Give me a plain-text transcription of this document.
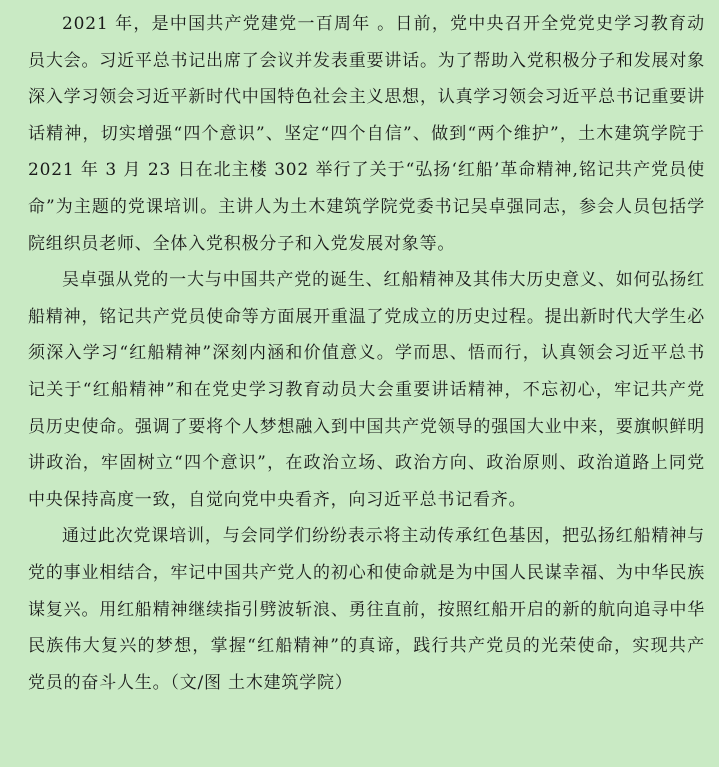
2021 年，是中国共产党建党一百周年 。日前，党中央召开全党党史学习教育动员大会。习近平总书记出席了会议并发表重要讲话。为了帮助入党积极分子和发展对象深入学习领会习近平新时代中国特色社会主义思想，认真学习领会习近平总书记重要讲话精神，切实增强“四个意识”、坚定“四个自信”、做到“两个维护”，土木建筑学院于 2021 年 3 月 23 日在北主楼 302 举行了关于“弘扬‘红船’革命精神,铭记共产党员使命”为主题的党课培训。主讲人为土木建筑学院党委书记吴卓强同志，参会人员包括学院组织员老师、全体入党积极分子和入党发展对象等。

吴卓强从党的一大与中国共产党的诞生、红船精神及其伟大历史意义、如何弘扬红船精神，铭记共产党员使命等方面展开重温了党成立的历史过程。提出新时代大学生必须深入学习“红船精神”深刻内涵和价值意义。学而思、悟而行，认真领会习近平总书记关于“红船精神”和在党史学习教育动员大会重要讲话精神，不忘初心，牢记共产党员历史使命。强调了要将个人梦想融入到中国共产党领导的强国大业中来，要旗帜鲜明讲政治，牢固树立“四个意识”，在政治立场、政治方向、政治原则、政治道路上同党中央保持高度一致，自觉向党中央看齐，向习近平总书记看齐。

通过此次党课培训，与会同学们纷纷表示将主动传承红色基因，把弘扬红船精神与党的事业相结合，牢记中国共产党人的初心和使命就是为中国人民谋幸福、为中华民族谋复兴。用红船精神继续指引劈波斩浪、勇往直前，按照红船开启的新的航向追寻中华民族伟大复兴的梦想，掌握“红船精神”的真谛，践行共产党员的光荣使命，实现共产党员的奋斗人生。（文/图 土木建筑学院）
